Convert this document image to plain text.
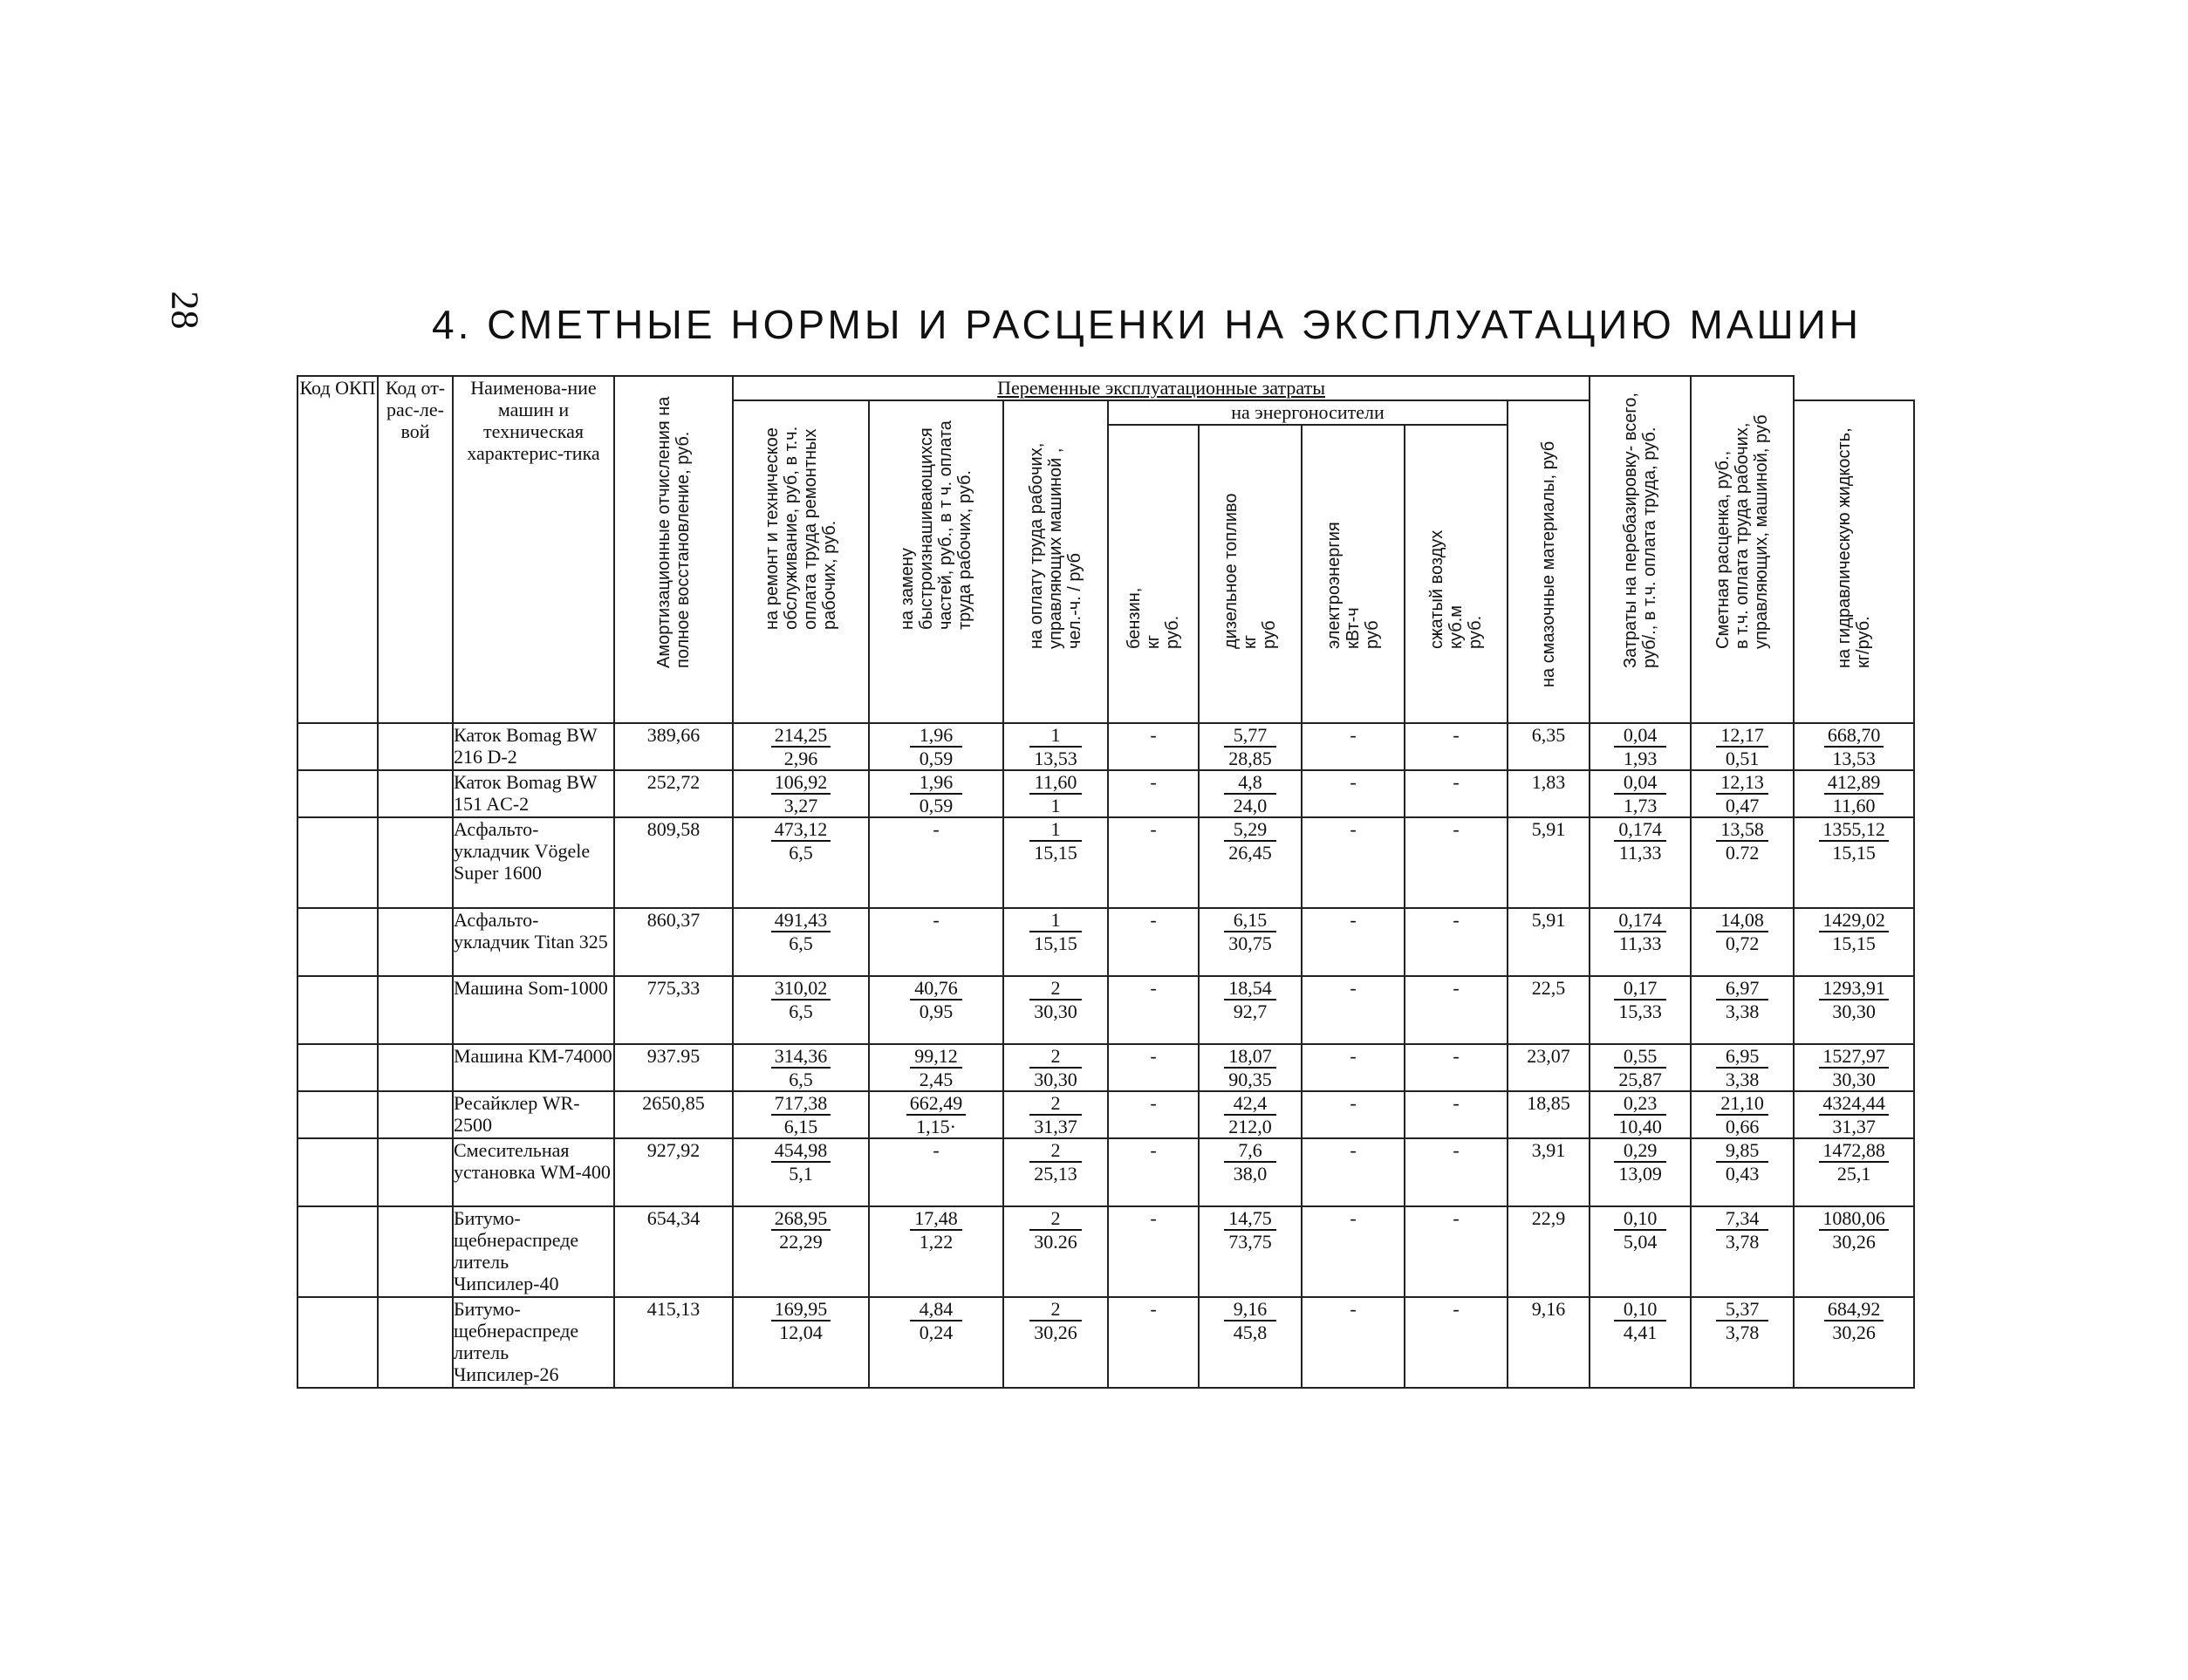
28	4. СМЕТНЫЕ НОРМЫ И РАСЦЕНКИ НА ЭКСПЛУАТАЦИЮ МАШИН
Код ОКП	Код от-рас-ле-вой	Наименова-ние машин и техническая характерис-тика	Амортизационные отчисления на полное восстановление, руб.	Переменные эксплуатационные затраты								Затраты на перебазировку- всего, руб/., в т.ч. оплата труда, руб.	Сметная расценка, руб., в т.ч. оплата труда рабочих, управляющих, машиной, руб	

				на ремонт и техническое обслуживание, руб, в т.ч. оплата труда ремонтных рабочих, руб.	на замену быстроизнашивающихся частей, руб., в т ч. оплата труда рабочих, руб.	на оплату труда рабочих, управляющих машиной , чел.-ч. / руб	на энергоносители				на смазочные материалы, руб			на гидравлическую жидкость, кг/руб.

							бензин, кг руб.	дизельное топливо кг руб	электроэнергия кВт-ч руб	сжатый воздух куб.м руб.				

		Каток Bomag BW 216 D-2	389,66	$\frac{214,25}{2,96}$	$\frac{1,96}{0,59}$	$\frac{1}{13,53}$	-	$\frac{5,77}{28,85}$	-	-	6,35	$\frac{0,04}{1,93}$	$\frac{12,17}{0,51}$	$\frac{668,70}{13,53}$

		Каток Bomag BW 151 AC-2	252,72	$\frac{106,92}{3,27}$	$\frac{1,96}{0,59}$	$\frac{11,60}{1}$	-	$\frac{4,8}{24,0}$	-	-	1,83	$\frac{0,04}{1,73}$	$\frac{12,13}{0,47}$	$\frac{412,89}{11,60}$

		Асфальто-укладчик Vögele Super 1600	809,58	$\frac{473,12}{6,5}$	-	$\frac{1}{15,15}$	-	$\frac{5,29}{26,45}$	-	-	5,91	$\frac{0,174}{11,33}$	$\frac{13,58}{0.72}$	$\frac{1355,12}{15,15}$

		Асфальто-укладчик Titan 325	860,37	$\frac{491,43}{6,5}$	-	$\frac{1}{15,15}$	-	$\frac{6,15}{30,75}$	-	-	5,91	$\frac{0,174}{11,33}$	$\frac{14,08}{0,72}$	$\frac{1429,02}{15,15}$

		Машина Som-1000	775,33	$\frac{310,02}{6,5}$	$\frac{40,76}{0,95}$	$\frac{2}{30,30}$	-	$\frac{18,54}{92,7}$	-	-	22,5	$\frac{0,17}{15,33}$	$\frac{6,97}{3,38}$	$\frac{1293,91}{30,30}$

		Машина КМ-74000	937.95	$\frac{314,36}{6,5}$	$\frac{99,12}{2,45}$	$\frac{2}{30,30}$	-	$\frac{18,07}{90,35}$	-	-	23,07	$\frac{0,55}{25,87}$	$\frac{6,95}{3,38}$	$\frac{1527,97}{30,30}$

		Ресайклер WR-2500	2650,85	$\frac{717,38}{6,15}$	$\frac{662,49}{1,15\cdot}$	$\frac{2}{31,37}$	-	$\frac{42,4}{212,0}$	-	-	18,85	$\frac{0,23}{10,40}$	$\frac{21,10}{0,66}$	$\frac{4324,44}{31,37}$

		Смесительная установка WM-400	927,92	$\frac{454,98}{5,1}$	-	$\frac{2}{25,13}$	-	$\frac{7,6}{38,0}$	-	-	3,91	$\frac{0,29}{13,09}$	$\frac{9,85}{0,43}$	$\frac{1472,88}{25,1}$

		Битумо-щебнераспреде литель Чипсилер-40	654,34	$\frac{268,95}{22,29}$	$\frac{17,48}{1,22}$	$\frac{2}{30.26}$	-	$\frac{14,75}{73,75}$	-	-	22,9	$\frac{0,10}{5,04}$	$\frac{7,34}{3,78}$	$\frac{1080,06}{30,26}$

		Битумо-щебнераспреде литель Чипсилер-26	415,13	$\frac{169,95}{12,04}$	$\frac{4,84}{0,24}$	$\frac{2}{30,26}$	-	$\frac{9,16}{45,8}$	-	-	9,16	$\frac{0,10}{4,41}$	$\frac{5,37}{3,78}$	$\frac{684,92}{30,26}$
